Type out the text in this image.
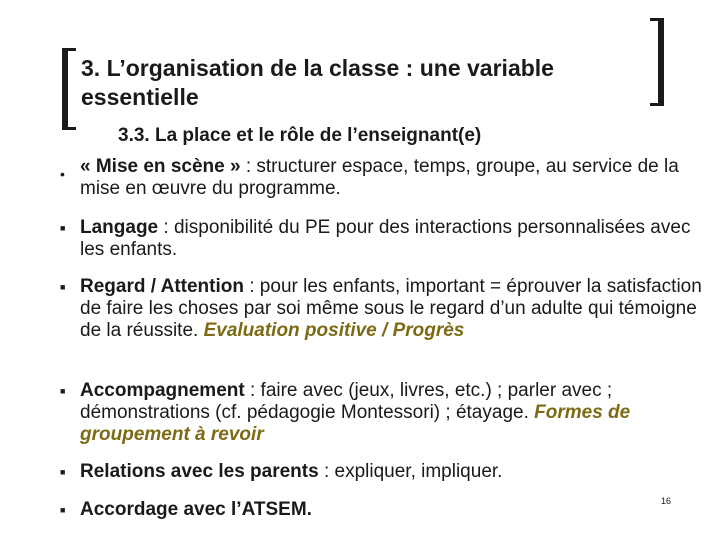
3. L’organisation de la classe : une variable essentielle
3.3. La place et le rôle de l’enseignant(e)
• « Mise en scène » : structurer espace, temps, groupe, au service de la mise en œuvre du programme.
■ Langage : disponibilité du PE pour des interactions personnalisées avec les enfants.
■ Regard / Attention : pour les enfants, important = éprouver la satisfaction de faire les choses par soi même sous le regard d’un adulte qui témoigne de la réussite. Evaluation positive / Progrès
■ Accompagnement : faire avec (jeux, livres, etc.) ; parler avec ; démonstrations (cf. pédagogie Montessori) ; étayage. Formes de groupement à revoir
■ Relations avec les parents : expliquer, impliquer.
■ Accordage avec l’ATSEM.	16
